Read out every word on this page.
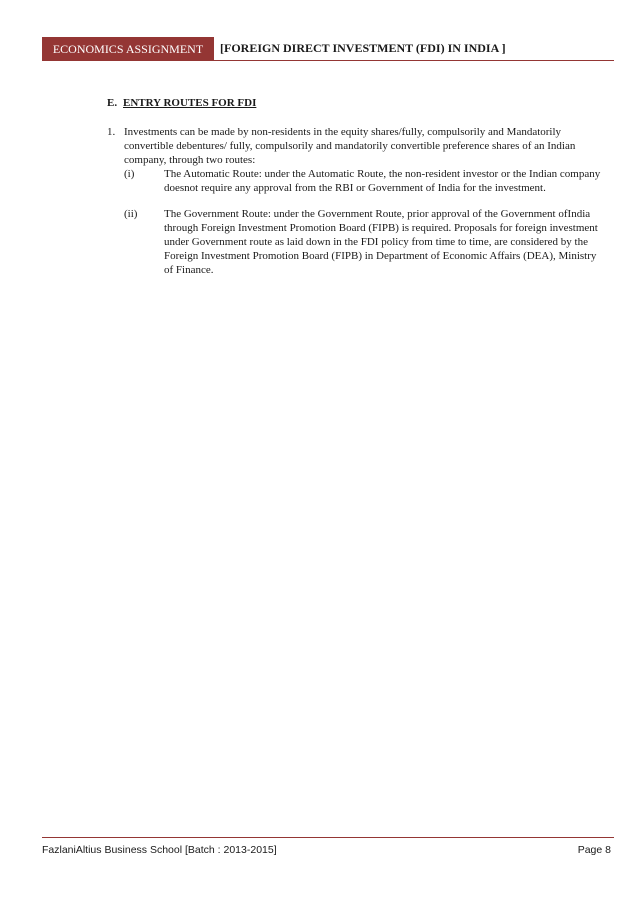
ECONOMICS ASSIGNMENT	[FOREIGN DIRECT INVESTMENT (FDI) IN INDIA ]
E. ENTRY ROUTES FOR FDI
1. Investments can be made by non-residents in the equity shares/fully, compulsorily and Mandatorily convertible debentures/ fully, compulsorily and mandatorily convertible preference shares of an Indian company, through two routes:
(i)	The Automatic Route: under the Automatic Route, the non-resident investor or the Indian company doesnot require any approval from the RBI or Government of India for the investment.
(ii)	The Government Route: under the Government Route, prior approval of the Government ofIndia through Foreign Investment Promotion Board (FIPB) is required. Proposals for foreign investment under Government route as laid down in the FDI policy from time to time, are considered by the Foreign Investment Promotion Board (FIPB) in Department of Economic Affairs (DEA), Ministry of Finance.
FazlaniAltius Business School [Batch : 2013-2015]	Page 8
